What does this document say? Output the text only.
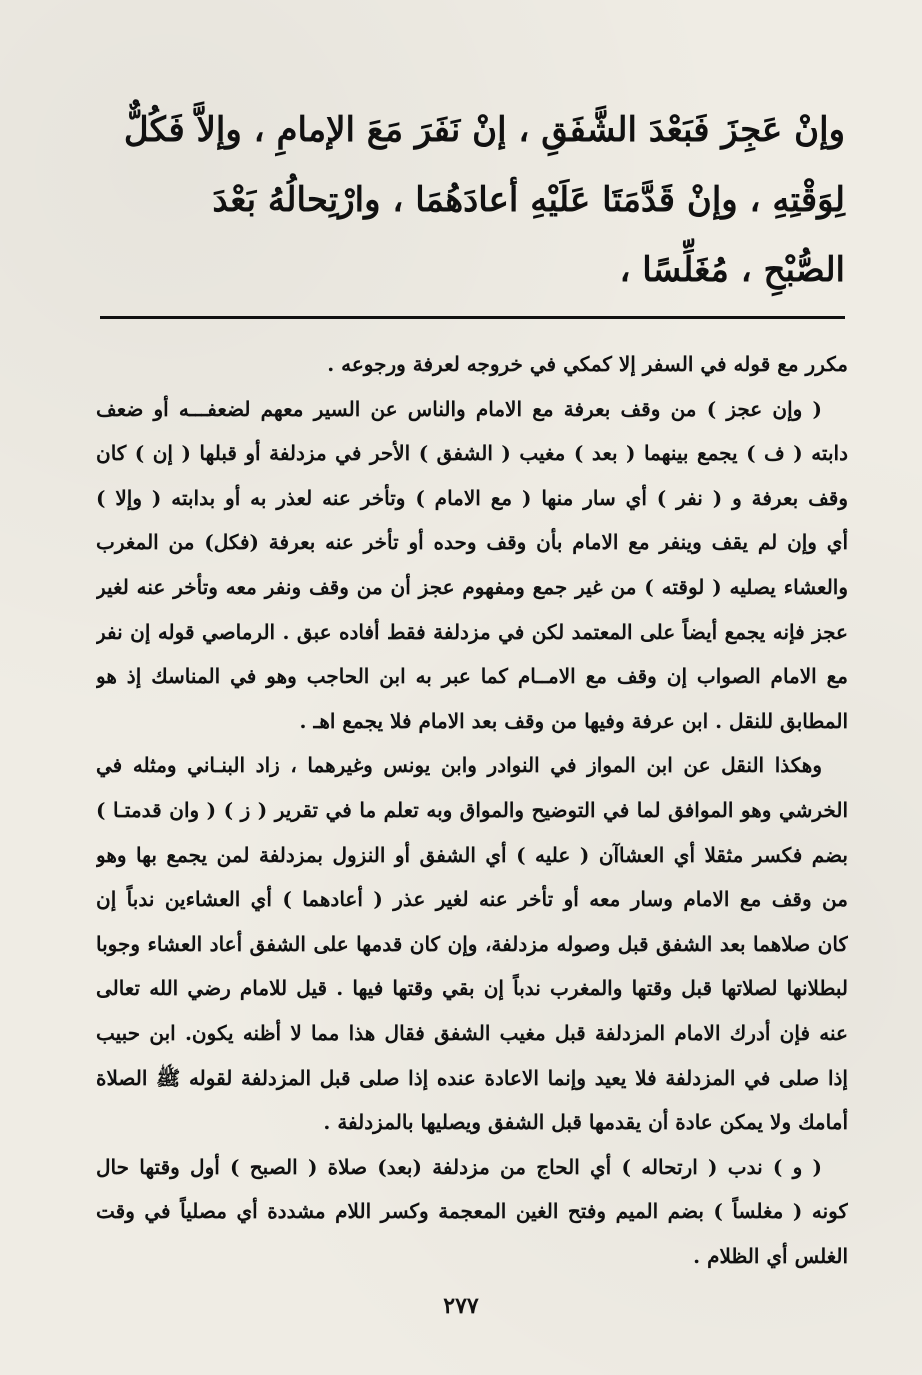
وإنْ عَجِزَ فَبَعْدَ الشَّفَقِ ، إنْ نَفَرَ مَعَ الإمامِ ، وإلاَّ فَكُلٌّ
لِوَقْتِهِ ، وإنْ قَدَّمَتَا عَلَيْهِ أعادَهُمَا ، وارْتِحالُهُ بَعْدَ
الصُّبْحِ ، مُغَلِّسًا ،
مكرر مع قوله في السفر إلا كمكي في خروجه لعرفة ورجوعه .
( وإن عجز ) من وقف بعرفة مع الامام والناس عن السير معهم لضعفـــه أو ضعف
دابته ( ف ) يجمع بينهما ( بعد ) مغيب ( الشفق ) الأحر في مزدلفة أو قبلها ( إن ) كان
وقف بعرفة و ( نفر ) أي سار منها ( مع الامام ) وتأخر عنه لعذر به أو بدابته ( وإلا )
أي وإن لم يقف وينفر مع الامام بأن وقف وحده أو تأخر عنه بعرفة (فكل) من المغرب
والعشاء يصليه ( لوقته ) من غير جمع ومفهوم عجز أن من وقف ونفر معه وتأخر عنه لغير
عجز فإنه يجمع أيضاً على المعتمد لكن في مزدلفة فقط أفاده عبق . الرماصي قوله إن نفر
مع الامام الصواب إن وقف مع الامــام كما عبر به ابن الحاجب وهو في المناسك إذ هو
المطابق للنقل . ابن عرفة وفيها من وقف بعد الامام فلا يجمع اهـ .
وهكذا النقل عن ابن المواز في النوادر وابن يونس وغيرهما ، زاد البنـاني ومثله في
الخرشي وهو الموافق لما في التوضيح والمواق وبه تعلم ما في تقرير ( ز ) ( وان قدمتـا )
بضم فكسر مثقلا أي العشاآن ( عليه ) أي الشفق أو النزول بمزدلفة لمن يجمع بها وهو
من وقف مع الامام وسار معه أو تأخر عنه لغير عذر ( أعادهما ) أي العشاءين ندباً إن
كان صلاهما بعد الشفق قبل وصوله مزدلفة، وإن كان قدمها على الشفق أعاد العشاء وجوبا
لبطلانها لصلاتها قبل وقتها والمغرب ندباً إن بقي وقتها فيها . قيل للامام رضي الله تعالى
عنه فإن أدرك الامام المزدلفة قبل مغيب الشفق فقال هذا مما لا أظنه يكون. ابن حبيب
إذا صلى في المزدلفة فلا يعيد وإنما الاعادة عنده إذا صلى قبل المزدلفة لقوله ﷺ الصلاة
أمامك ولا يمكن عادة أن يقدمها قبل الشفق ويصليها بالمزدلفة .
( و ) ندب ( ارتحاله ) أي الحاج من مزدلفة (بعد) صلاة ( الصبح ) أول وقتها حال
كونه ( مغلساً ) بضم الميم وفتح الغين المعجمة وكسر اللام مشددة أي مصلياً في وقت
الغلس أي الظلام .
٢٧٧
